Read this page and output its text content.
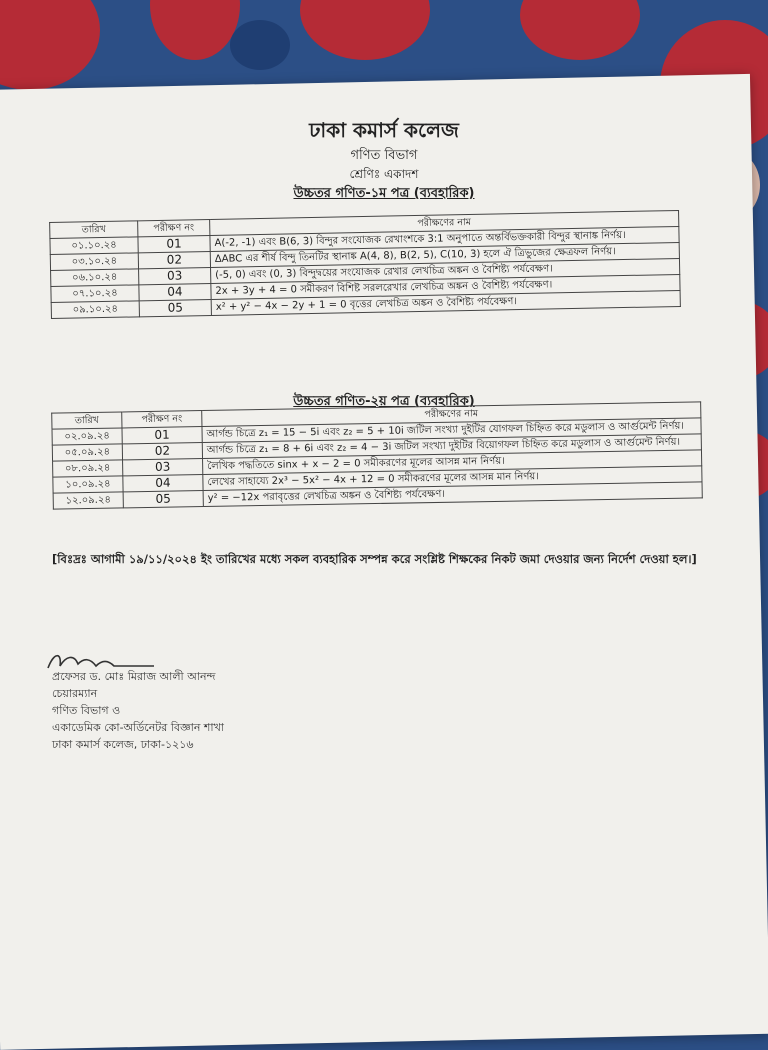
ঢাকা কমার্স কলেজ
গণিত বিভাগ
শ্রেণিঃ একাদশ
উচ্চতর গণিত-১ম পত্র (ব্যবহারিক)
তারিখ	পরীক্ষণ নং	পরীক্ষণের নাম
০১.১০.২৪	01	A(-2, -1) এবং B(6, 3) বিন্দুর সংযোজক রেখাংশকে 3:1 অনুপাতে অন্তর্বিভক্তকারী বিন্দুর স্থানাঙ্ক নির্ণয়।
০৩.১০.২৪	02	ΔABC এর শীর্ষ বিন্দু তিনটির স্থানাঙ্ক A(4, 8), B(2, 5), C(10, 3) হলে ঐ ত্রিভুজের ক্ষেত্রফল নির্ণয়।
০৬.১০.২৪	03	(-5, 0) এবং (0, 3) বিন্দুদ্বয়ের সংযোজক রেখার লেখচিত্র অঙ্কন ও বৈশিষ্ট্য পর্যবেক্ষণ।
০৭.১০.২৪	04	2x + 3y + 4 = 0 সমীকরণ বিশিষ্ট সরলরেখার লেখচিত্র অঙ্কন ও বৈশিষ্ট্য পর্যবেক্ষণ।
০৯.১০.২৪	05	x² + y² − 4x − 2y + 1 = 0 বৃত্তের লেখচিত্র অঙ্কন ও বৈশিষ্ট্য পর্যবেক্ষণ।
উচ্চতর গণিত-২য় পত্র (ব্যবহারিক)
তারিখ	পরীক্ষণ নং	পরীক্ষণের নাম
০২.০৯.২৪	01	আর্গন্ড চিত্রে z₁ = 15 − 5i এবং z₂ = 5 + 10i জটিল সংখ্যা দুইটির যোগফল চিহ্নিত করে মডুলাস ও আর্গুমেন্ট নির্ণয়।
০৫.০৯.২৪	02	আর্গন্ড চিত্রে z₁ = 8 + 6i এবং z₂ = 4 − 3i জটিল সংখ্যা দুইটির বিয়োগফল চিহ্নিত করে মডুলাস ও আর্গুমেন্ট নির্ণয়।
০৮.০৯.২৪	03	লৈখিক পদ্ধতিতে sinx + x − 2 = 0 সমীকরণের মূলের আসন্ন মান নির্ণয়।
১০.০৯.২৪	04	লেখের সাহায্যে 2x³ − 5x² − 4x + 12 = 0 সমীকরণের মূলের আসন্ন মান নির্ণয়।
১২.০৯.২৪	05	y² = −12x পরাবৃত্তের লেখচিত্র অঙ্কন ও বৈশিষ্ট্য পর্যবেক্ষণ।
[বিঃদ্রঃ আগামী ১৯/১১/২০২৪ ইং তারিখের মধ্যে সকল ব্যবহারিক সম্পন্ন করে সংশ্লিষ্ট শিক্ষকের নিকট জমা দেওয়ার জন্য নির্দেশ দেওয়া হল।]
প্রফেসর ড. মোঃ মিরাজ আলী আনন্দ
চেয়ারম্যান
গণিত বিভাগ ও
একাডেমিক কো-অর্ডিনেটর বিজ্ঞান শাখা
ঢাকা কমার্স কলেজ, ঢাকা-১২১৬
